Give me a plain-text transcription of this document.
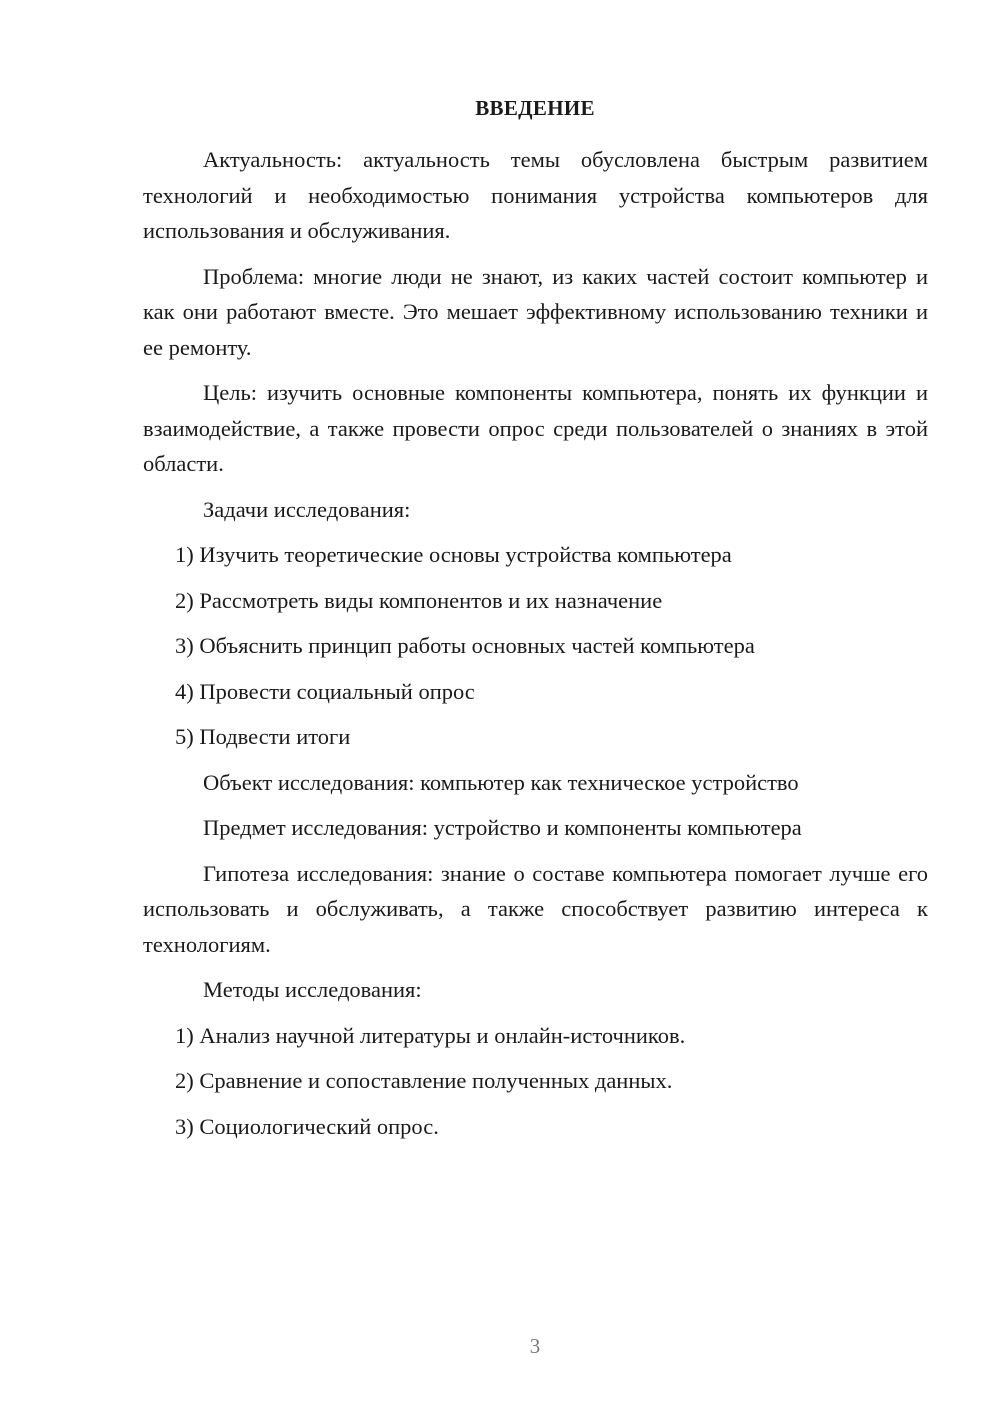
ВВЕДЕНИЕ

Актуальность: актуальность темы обусловлена быстрым развитием технологий и необходимостью понимания устройства компьютеров для использования и обслуживания.

Проблема: многие люди не знают, из каких частей состоит компьютер и как они работают вместе. Это мешает эффективному использованию техники и ее ремонту.

Цель: изучить основные компоненты компьютера, понять их функции и взаимодействие, а также провести опрос среди пользователей о знаниях в этой области.

Задачи исследования:

1) Изучить теоретические основы устройства компьютера
2) Рассмотреть виды компонентов и их назначение
3) Объяснить принцип работы основных частей компьютера
4) Провести социальный опрос
5) Подвести итоги

Объект исследования: компьютер как техническое устройство

Предмет исследования: устройство и компоненты компьютера

Гипотеза исследования: знание о составе компьютера помогает лучше его использовать и обслуживать, а также способствует развитию интереса к технологиям.

Методы исследования:

1) Анализ научной литературы и онлайн-источников.
2) Сравнение и сопоставление полученных данных.
3) Социологический опрос.
3
